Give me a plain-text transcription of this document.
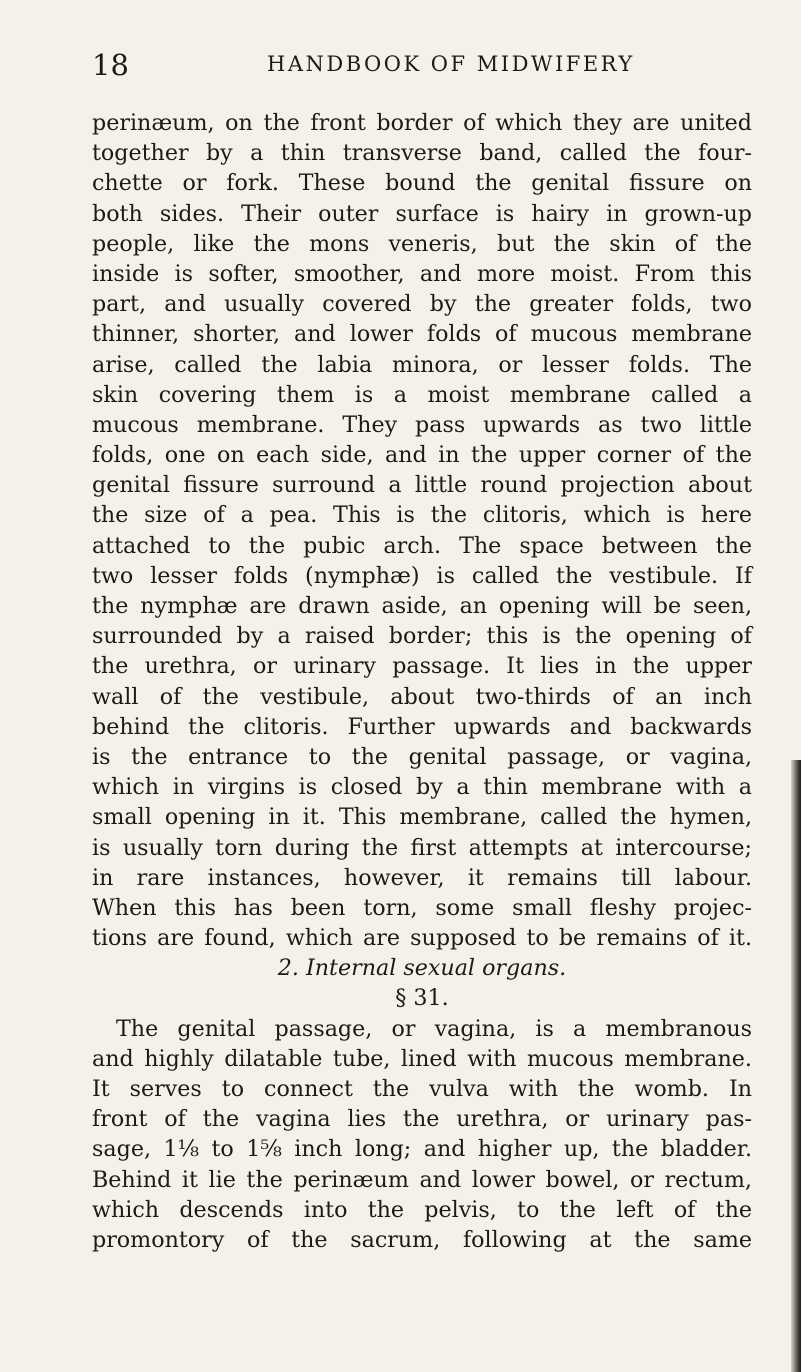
18	HANDBOOK OF MIDWIFERY
perinæum, on the front border of which they are united
together by a thin transverse band, called the four-
chette or fork. These bound the genital fissure on
both sides. Their outer surface is hairy in grown-up
people, like the mons veneris, but the skin of the
inside is softer, smoother, and more moist. From this
part, and usually covered by the greater folds, two
thinner, shorter, and lower folds of mucous membrane
arise, called the labia minora, or lesser folds. The
skin covering them is a moist membrane called a
mucous membrane. They pass upwards as two little
folds, one on each side, and in the upper corner of the
genital fissure surround a little round projection about
the size of a pea. This is the clitoris, which is here
attached to the pubic arch. The space between the
two lesser folds (nymphæ) is called the vestibule. If
the nymphæ are drawn aside, an opening will be seen,
surrounded by a raised border; this is the opening of
the urethra, or urinary passage. It lies in the upper
wall of the vestibule, about two-thirds of an inch
behind the clitoris. Further upwards and backwards
is the entrance to the genital passage, or vagina,
which in virgins is closed by a thin membrane with a
small opening in it. This membrane, called the hymen,
is usually torn during the first attempts at intercourse;
in rare instances, however, it remains till labour.
When this has been torn, some small fleshy projec-
tions are found, which are supposed to be remains of it.
2. Internal sexual organs.
§ 31.
The genital passage, or vagina, is a membranous
and highly dilatable tube, lined with mucous membrane.
It serves to connect the vulva with the womb. In
front of the vagina lies the urethra, or urinary pas-
sage, 1⅛ to 1⅝ inch long; and higher up, the bladder.
Behind it lie the perinæum and lower bowel, or rectum,
which descends into the pelvis, to the left of the
promontory of the sacrum, following at the same
